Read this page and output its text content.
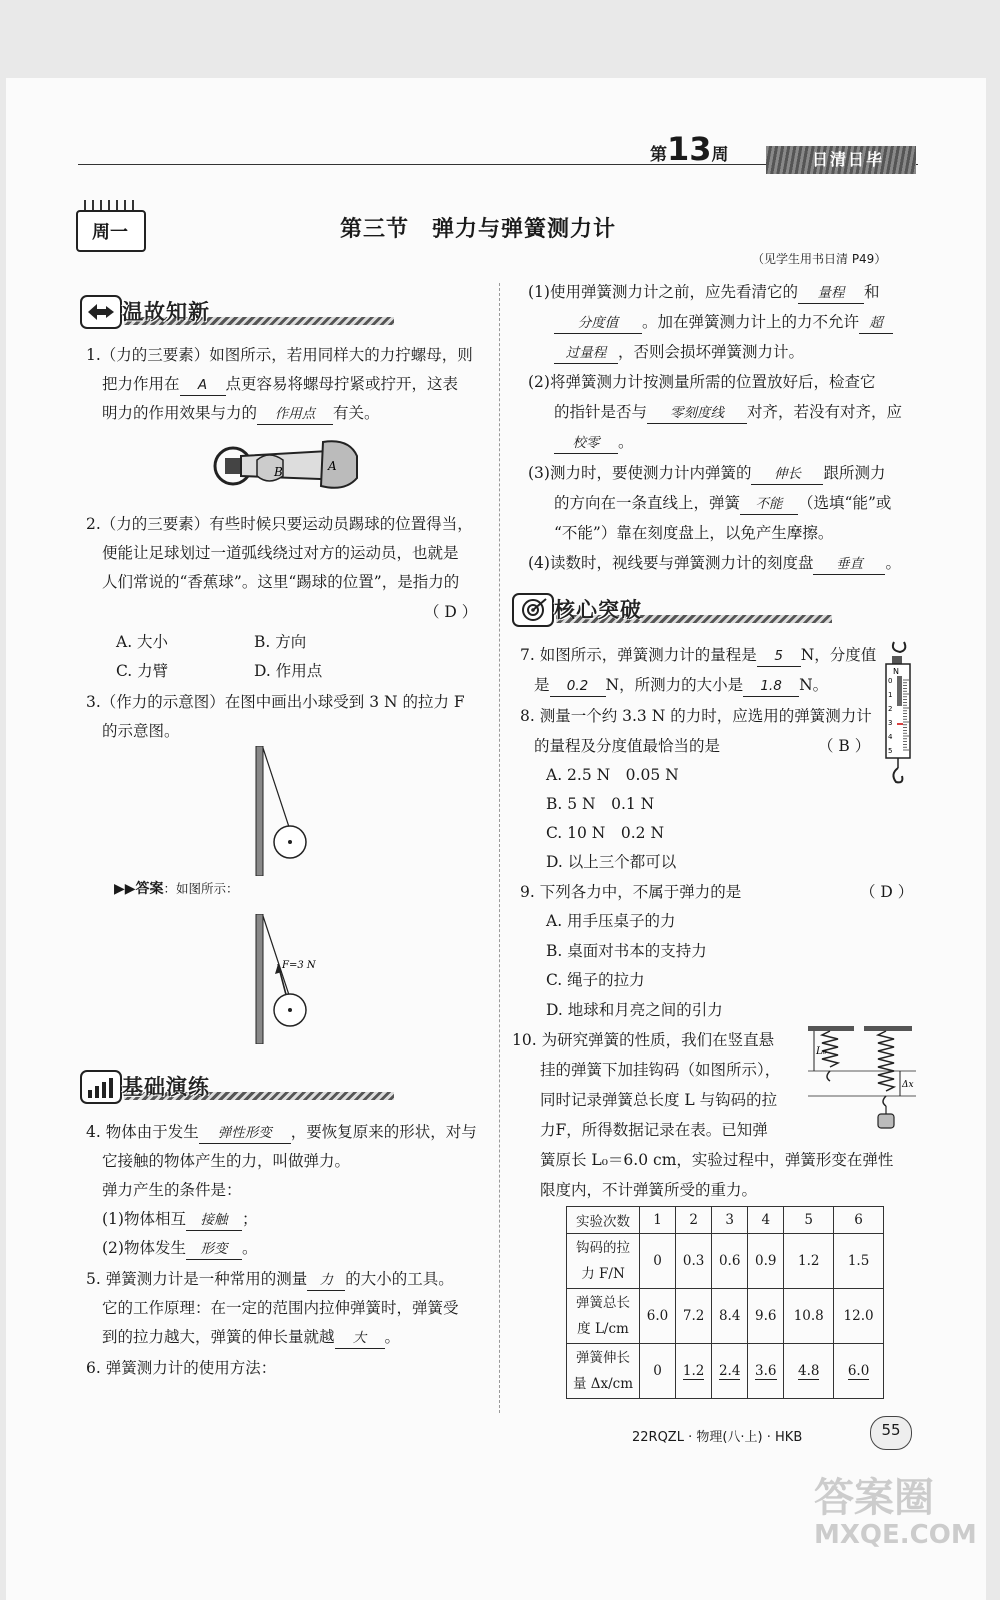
第13周	日清日毕
周一	第三节　弹力与弹簧测力计
（见学生用书日清 P49）
温故知新
1.（力的三要素）如图所示，若用同样大的力拧螺母，则
把力作用在 A 点更容易将螺母拧紧或拧开，这表
明力的作用效果与力的 作用点 有关。
B	A
2.（力的三要素）有些时候只要运动员踢球的位置得当，
便能让足球划过一道弧线绕过对方的运动员，也就是
人们常说的“香蕉球”。这里“踢球的位置”，是指力的
（ D ）
A. 大小	B. 方向
C. 力臂	D. 作用点
3.（作力的示意图）在图中画出小球受到 3 N 的拉力 F
的示意图。
▶▶答案：如图所示：
F=3 N
基础演练
4. 物体由于发生 弹性形变 ，要恢复原来的形状，对与
它接触的物体产生的力，叫做弹力。
弹力产生的条件是：
(1)物体相互 接触 ；
(2)物体发生 形变 。
5. 弹簧测力计是一种常用的测量 力 的大小的工具。
它的工作原理：在一定的范围内拉伸弹簧时，弹簧受
到的拉力越大，弹簧的伸长量就越 大 。
6. 弹簧测力计的使用方法：
(1)使用弹簧测力计之前，应先看清它的 量程 和
分度值 。加在弹簧测力计上的力不允许 超
过量程 ，否则会损坏弹簧测力计。
(2)将弹簧测力计按测量所需的位置放好后，检查它
的指针是否与 零刻度线 对齐，若没有对齐，应
校零 。
(3)测力时，要使测力计内弹簧的 伸长 跟所测力
的方向在一条直线上，弹簧 不能 （选填“能”或
“不能”）靠在刻度盘上，以免产生摩擦。
(4)读数时，视线要与弹簧测力计的刻度盘 垂直 。
核心突破
7. 如图所示，弹簧测力计的量程是 5 N，分度值
是 0.2 N，所测力的大小是 1.8 N。
N
0
1
2
3
4
5
8. 测量一个约 3.3 N 的力时，应选用的弹簧测力计
的量程及分度值最恰当的是	（ B ）
A. 2.5 N　0.05 N
B. 5 N　0.1 N
C. 10 N　0.2 N
D. 以上三个都可以
9. 下列各力中，不属于弹力的是	（ D ）
A. 用手压桌子的力
B. 桌面对书本的支持力
C. 绳子的拉力
D. 地球和月亮之间的引力
10. 为研究弹簧的性质，我们在竖直悬
挂的弹簧下加挂钩码（如图所示），
同时记录弹簧总长度 L 与钩码的拉
力F，所得数据记录在表。已知弹
簧原长 L₀＝6.0 cm，实验过程中，弹簧形变在弹性
限度内，不计弹簧所受的重力。
L₀
Δx
实验次数	1	2	3	4	5	6
钩码的拉
力 F/N	0	0.3	0.6	0.9	1.2	1.5
弹簧总长
度 L/cm	6.0	7.2	8.4	9.6	10.8	12.0
弹簧伸长
量 Δx/cm	0	1.2	2.4	3.6	4.8	6.0
22RQZL · 物理(八·上) · HKB	55
答案圈
MXQE.COM
